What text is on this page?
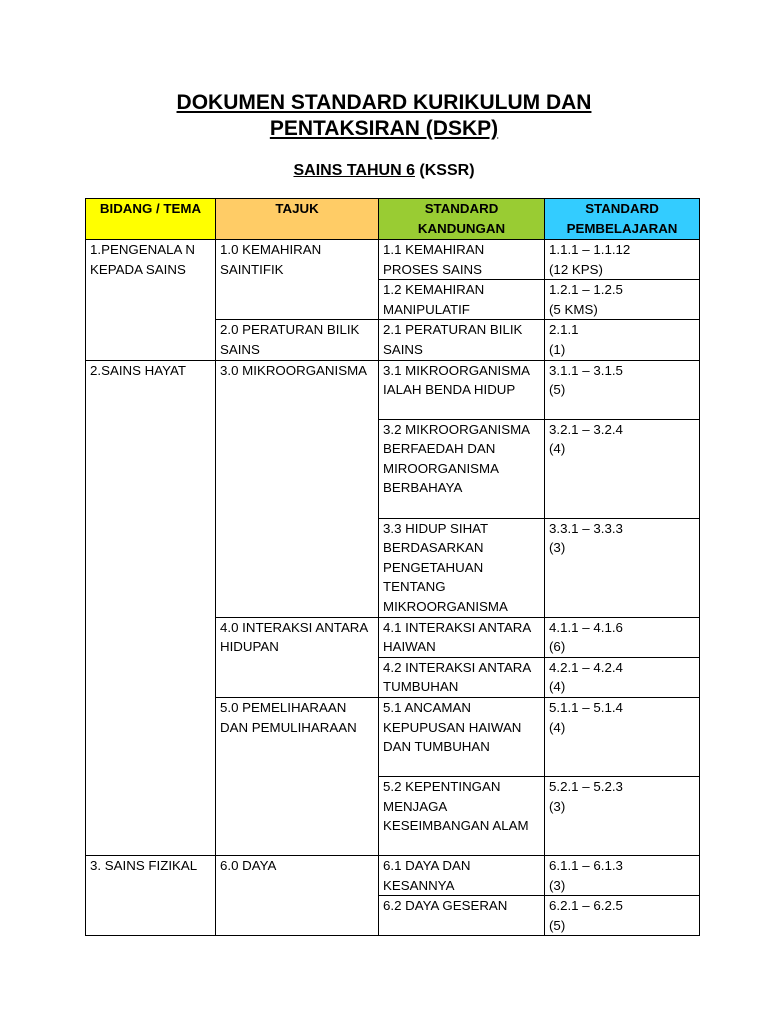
DOKUMEN STANDARD KURIKULUM DAN
PENTAKSIRAN (DSKP)
SAINS TAHUN 6 (KSSR)
BIDANG / TEMA	TAJUK	STANDARD KANDUNGAN	STANDARD PEMBELAJARAN
1.PENGENALA N KEPADA SAINS	1.0 KEMAHIRAN SAINTIFIK	1.1 KEMAHIRAN PROSES SAINS	1.1.1 – 1.1.12
(12 KPS)

		1.2 KEMAHIRAN MANIPULATIF	1.2.1 – 1.2.5
(5 KMS)

	2.0 PERATURAN BILIK SAINS	2.1 PERATURAN BILIK SAINS	2.1.1
(1)

2.SAINS HAYAT	3.0 MIKROORGANISMA	3.1 MIKROORGANISMA IALAH BENDA HIDUP	3.1.1 – 3.1.5
(5)

		3.2 MIKROORGANISMA BERFAEDAH DAN MIROORGANISMA BERBAHAYA	3.2.1 – 3.2.4
(4)

		3.3 HIDUP SIHAT BERDASARKAN PENGETAHUAN TENTANG MIKROORGANISMA	3.3.1 – 3.3.3
(3)

	4.0 INTERAKSI ANTARA HIDUPAN	4.1 INTERAKSI ANTARA HAIWAN	4.1.1 – 4.1.6
(6)

		4.2 INTERAKSI ANTARA TUMBUHAN	4.2.1 – 4.2.4
(4)

	5.0 PEMELIHARAAN DAN PEMULIHARAAN	5.1 ANCAMAN KEPUPUSAN HAIWAN DAN TUMBUHAN	5.1.1 – 5.1.4
(4)

		5.2 KEPENTINGAN MENJAGA KESEIMBANGAN ALAM	5.2.1 – 5.2.3
(3)

3. SAINS FIZIKAL	6.0 DAYA	6.1 DAYA DAN KESANNYA	6.1.1 – 6.1.3
(3)

		6.2 DAYA GESERAN	6.2.1 – 6.2.5
(5)
